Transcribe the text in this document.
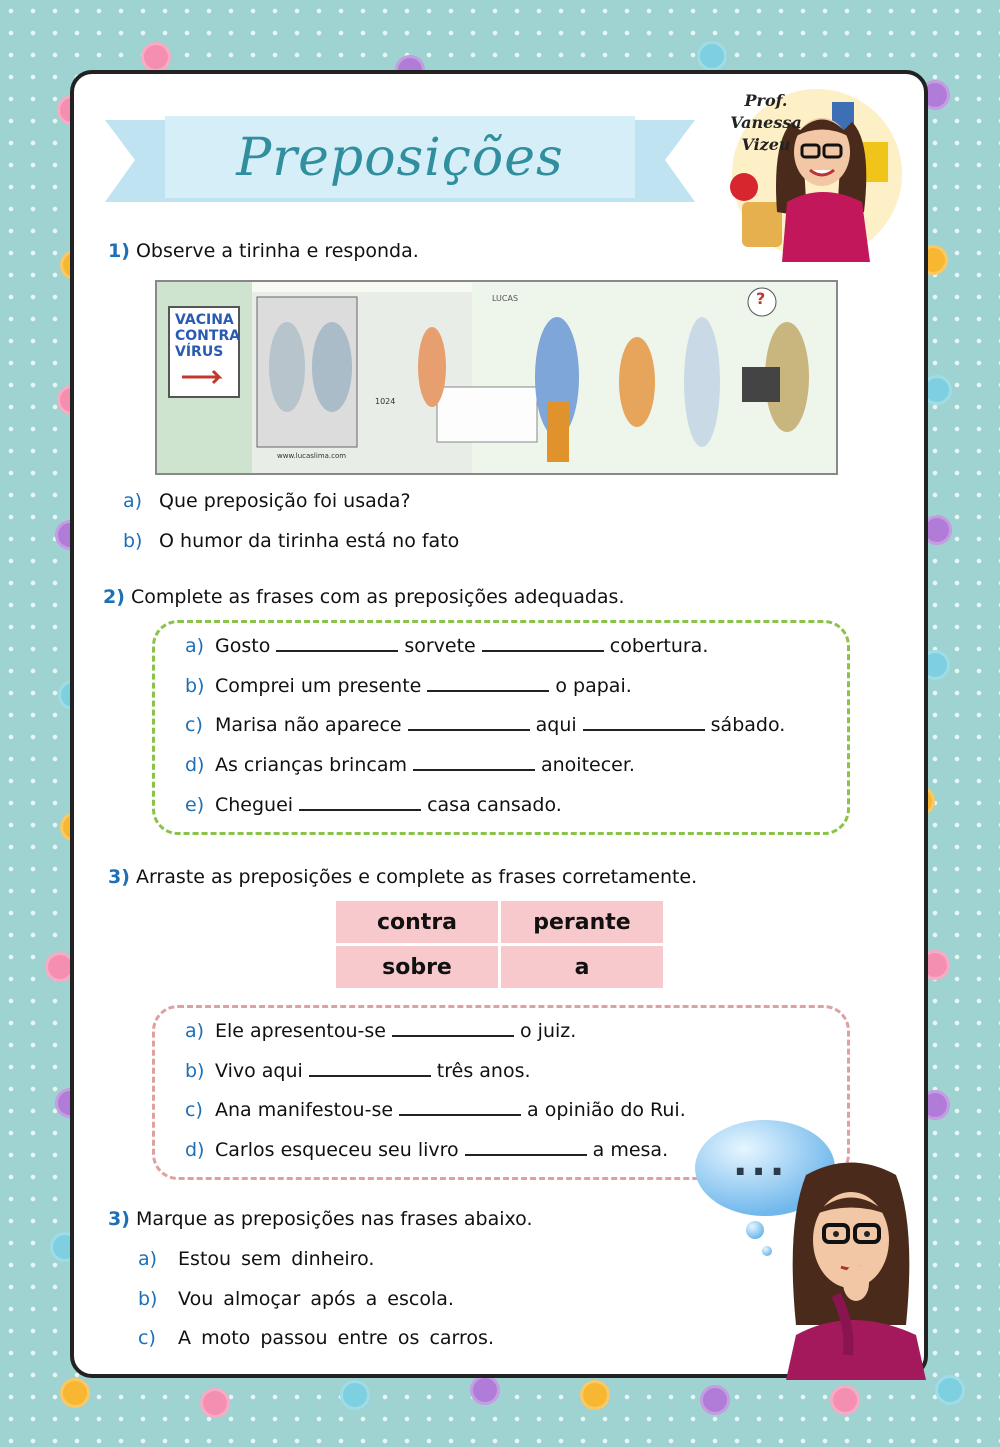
Preposições
Prof.
Vanessa
Vizeu
1) Observe a tirinha e responda.
VACINA
CONTRA
VÍRUS
LUCAS
1024
www.lucaslima.com
?
a) Que preposição foi usada?
b) O humor da tirinha está no fato
2) Complete as frases com as preposições adequadas.
a) Gosto	sorvete	cobertura.
b) Comprei um presente	o papai.
c) Marisa não aparece	aqui	sábado.
d) As crianças brincam	anoitecer.
e) Cheguei	casa cansado.
3) Arraste as preposições e complete as frases corretamente.
contra	perante
sobre	a
a) Ele apresentou-se	o juiz.
b) Vivo aqui	três anos.
c) Ana manifestou-se	a opinião do Rui.
d) Carlos esqueceu seu livro	a mesa. ...
3) Marque as preposições nas frases abaixo.
a) Estou sem dinheiro.
b) Vou almoçar após a escola.
c) A moto passou entre os carros.
